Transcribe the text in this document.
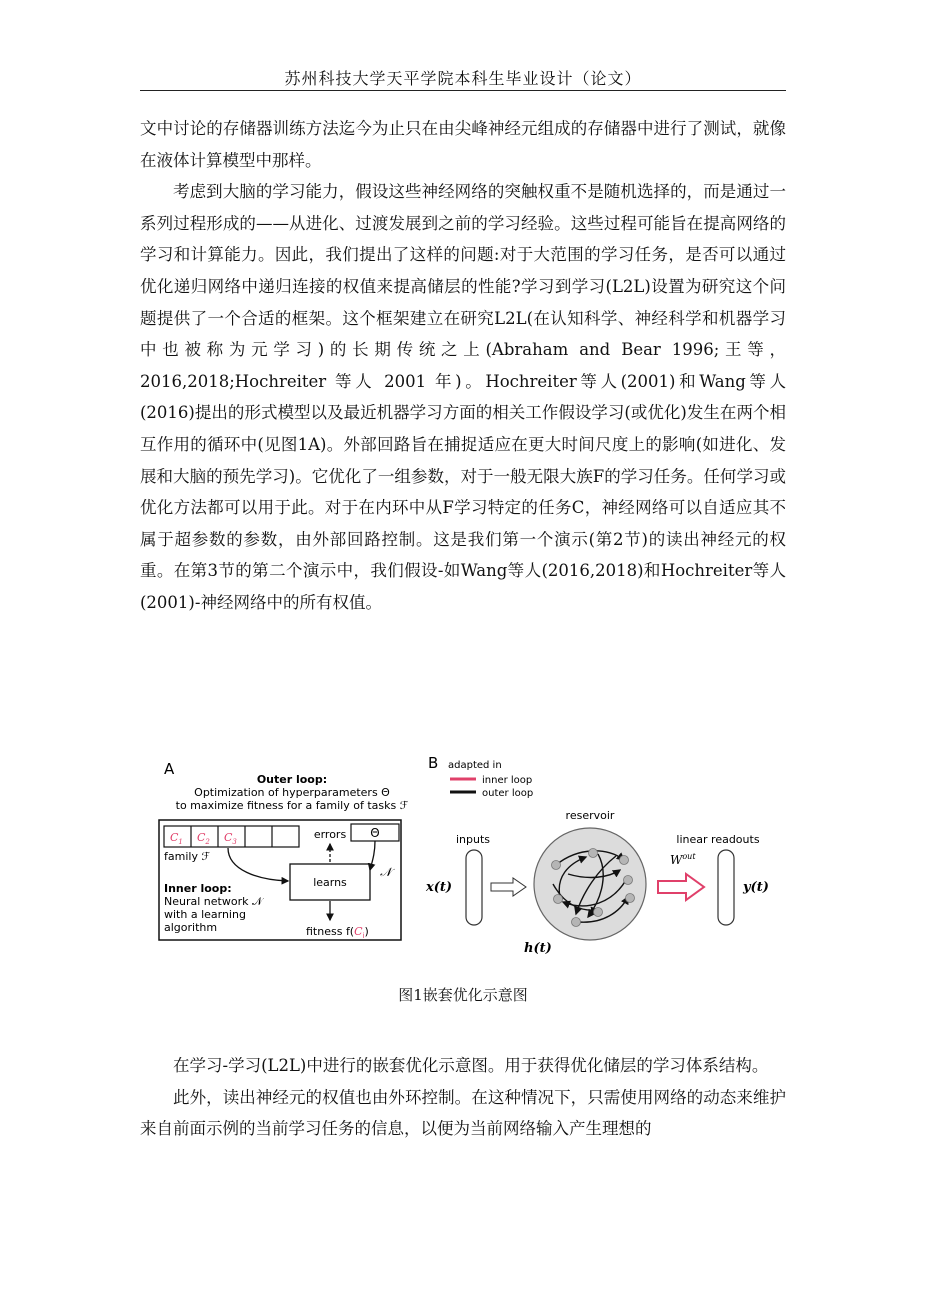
苏州科技大学天平学院本科生毕业设计（论文）

文中讨论的存储器训练方法迄今为止只在由尖峰神经元组成的存储器中进行了测试，就像在液体计算模型中那样。

考虑到大脑的学习能力，假设这些神经网络的突触权重不是随机选择的，而是通过一系列过程形成的——从进化、过渡发展到之前的学习经验。这些过程可能旨在提高网络的学习和计算能力。因此，我们提出了这样的问题:对于大范围的学习任务，是否可以通过优化递归网络中递归连接的权值来提高储层的性能?学习到学习(L2L)设置为研究这个问题提供了一个合适的框架。这个框架建立在研究L2L(在认知科学、神经科学和机器学习中也被称为元学习)的长期传统之上(Abraham and Bear 1996;王等，2016,2018;Hochreiter 等人 2001 年)。Hochreiter等人(2001)和Wang等人(2016)提出的形式模型以及最近机器学习方面的相关工作假设学习(或优化)发生在两个相互作用的循环中(见图1A)。外部回路旨在捕捉适应在更大时间尺度上的影响(如进化、发展和大脑的预先学习)。它优化了一组参数，对于一般无限大族F的学习任务。任何学习或优化方法都可以用于此。对于在内环中从F学习特定的任务C，神经网络可以自适应其不属于超参数的参数，由外部回路控制。这是我们第一个演示(第2节)的读出神经元的权重。在第3节的第二个演示中，我们假设-如Wang等人(2016,2018)和Hochreiter等人(2001)-神经网络中的所有权值。

A
Outer loop:
Optimization of hyperparameters Θ
to maximize fitness for a family of tasks ℱ
$C_1$ $C_2$ $C_3$
family ℱ
errors Θ
learns
𝒩
Inner loop:
Neural network 𝒩
with a learning
algorithm	fitness $f(C_i)$
B adapted in
inner loop
outer loop
inputs
x(t)
reservoir
h(t)
$W^{out}$
linear readouts
y(t)
图1嵌套优化示意图

在学习-学习(L2L)中进行的嵌套优化示意图。用于获得优化储层的学习体系结构。

此外，读出神经元的权值也由外环控制。在这种情况下，只需使用网络的动态来维护来自前面示例的当前学习任务的信息，以便为当前网络输入产生理想的
